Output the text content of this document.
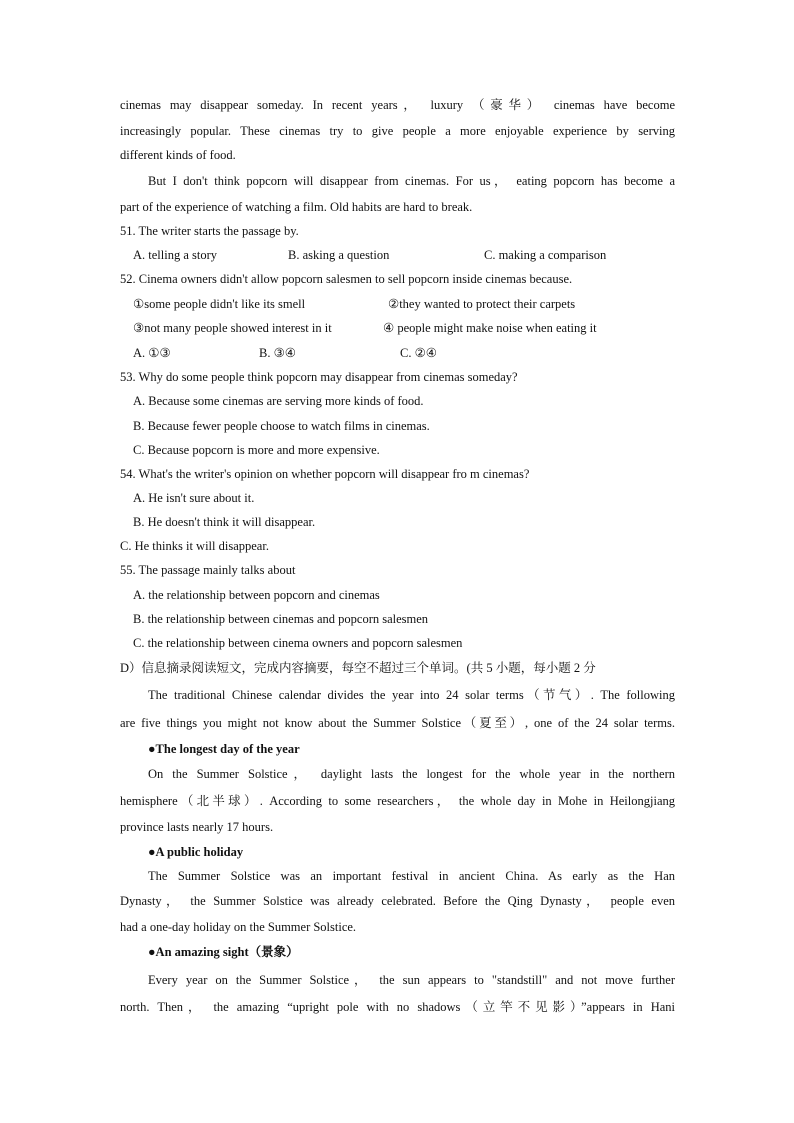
cinemas may disappear someday. In recent years， luxury （豪华） cinemas have become
increasingly popular. These cinemas try to give people a more enjoyable experience by serving
different kinds of food.
But I don't think popcorn will disappear from cinemas. For us， eating popcorn has become a
part of the experience of watching a film. Old habits are hard to break.
51. The writer starts the passage by.
A. telling a story	B. asking a question	C. making a comparison
52. Cinema owners didn't allow popcorn salesmen to sell popcorn inside cinemas because.
①some people didn't like its smell	②they wanted to protect their carpets
③not many people showed interest in it	④ people might make noise when eating it
A. ①③	B. ③④	C. ②④
53. Why do some people think popcorn may disappear from cinemas someday?
A. Because some cinemas are serving more kinds of food.
B. Because fewer people choose to watch films in cinemas.
C. Because popcorn is more and more expensive.
54. What's the writer's opinion on whether popcorn will disappear fro m cinemas?
A. He isn't sure about it.
B. He doesn't think it will disappear.
C. He thinks it will disappear.
55. The passage mainly talks about
A. the relationship between popcorn and cinemas
B. the relationship between cinemas and popcorn salesmen
C. the relationship between cinema owners and popcorn salesmen
D）信息摘录阅读短文，完成内容摘要，每空不超过三个单词。(共 5 小题，每小题 2 分
The traditional Chinese calendar divides the year into 24 solar terms（节气）. The following
are five things you might not know about the Summer Solstice（夏至）, one of the 24 solar terms.
●The longest day of the year
On the Summer Solstice， daylight lasts the longest for the whole year in the northern
hemisphere（北半球）. According to some researchers， the whole day in Mohe in Heilongjiang
province lasts nearly 17 hours.
●A public holiday
The Summer Solstice was an important festival in ancient China. As early as the Han
Dynasty， the Summer Solstice was already celebrated. Before the Qing Dynasty， people even
had a one-day holiday on the Summer Solstice.
●An amazing sight（景象）
Every year on the Summer Solstice， the sun appears to "standstill" and not move further
north. Then， the amazing “upright pole with no shadows（立竿不见影）”appears in Hani
